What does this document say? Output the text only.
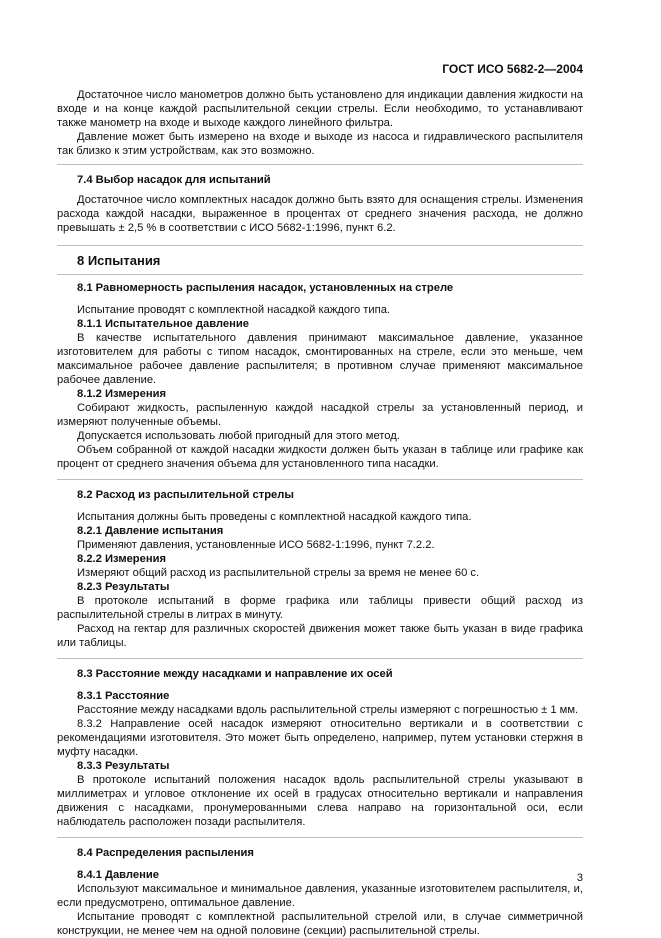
ГОСТ ИСО 5682-2—2004

Достаточное число манометров должно быть установлено для индикации давления жидкости на входе и на конце каждой распылительной секции стрелы. Если необходимо, то устанавливают также манометр на входе и выходе каждого линейного фильтра.

Давление может быть измерено на входе и выходе из насоса и гидравлического распылителя так близко к этим устройствам, как это возможно.

7.4 Выбор насадок для испытаний

Достаточное число комплектных насадок должно быть взято для оснащения стрелы. Изменения расхода каждой насадки, выраженное в процентах от среднего значения расхода, не должно превышать ± 2,5 % в соответствии с ИСО 5682-1:1996, пункт 6.2.

8 Испытания
8.1 Равномерность распыления насадок, установленных на стреле

Испытание проводят с комплектной насадкой каждого типа.

8.1.1 Испытательное давление

В качестве испытательного давления принимают максимальное давление, указанное изготовителем для работы с типом насадок, смонтированных на стреле, если это меньше, чем максимальное рабочее давление распылителя; в противном случае применяют максимальное рабочее давление.

8.1.2 Измерения

Собирают жидкость, распыленную каждой насадкой стрелы за установленный период, и измеряют полученные объемы.

Допускается использовать любой пригодный для этого метод.

Объем собранной от каждой насадки жидкости должен быть указан в таблице или графике как процент от среднего значения объема для установленного типа насадки.

8.2 Расход из распылительной стрелы

Испытания должны быть проведены с комплектной насадкой каждого типа.

8.2.1 Давление испытания

Применяют давления, установленные ИСО 5682-1:1996, пункт 7.2.2.

8.2.2 Измерения

Измеряют общий расход из распылительной стрелы за время не менее 60 с.

8.2.3 Результаты

В протоколе испытаний в форме графика или таблицы привести общий расход из распылительной стрелы в литрах в минуту.

Расход на гектар для различных скоростей движения может также быть указан в виде графика или таблицы.

8.3 Расстояние между насадками и направление их осей
8.3.1 Расстояние

Расстояние между насадками вдоль распылительной стрелы измеряют с погрешностью ± 1 мм.

8.3.2 Направление осей насадок измеряют относительно вертикали и в соответствии с рекомендациями изготовителя. Это может быть определено, например, путем установки стержня в муфту насадки.

8.3.3 Результаты

В протоколе испытаний положения насадок вдоль распылительной стрелы указывают в миллиметрах и угловое отклонение их осей в градусах относительно вертикали и направления движения с насадками, пронумерованными слева направо на горизонтальной оси, если наблюдатель расположен позади распылителя.

8.4 Распределения распыления
8.4.1 Давление

Используют максимальное и минимальное давления, указанные изготовителем распылителя, и, если предусмотрено, оптимальное давление.

Испытание проводят с комплектной распылительной стрелой или, в случае симметричной конструкции, не менее чем на одной половине (секции) распылительной стрелы.

3
